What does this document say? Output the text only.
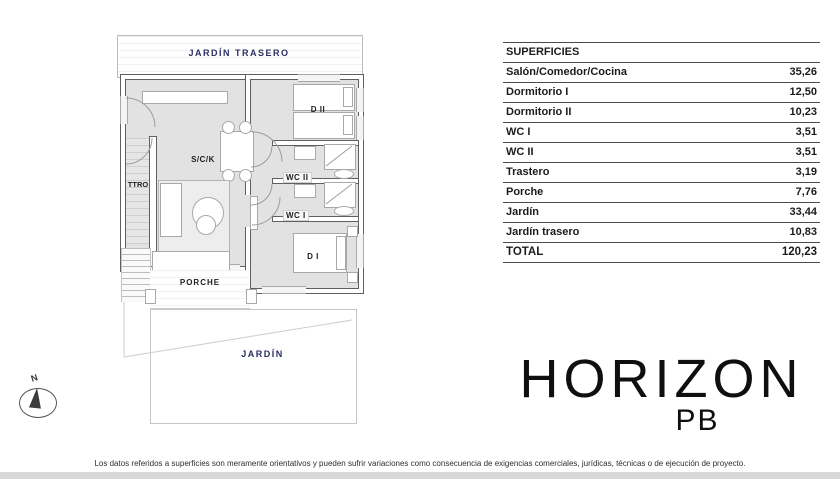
JARDÍN TRASERO
TTRO
D II
WC II
WC I
D I
S/C/K
PORCHE
JARDÍN
N
SUPERFICIES	
Salón/Comedor/Cocina	35,26
Dormitorio I	12,50
Dormitorio II	10,23
WC I	3,51
WC II	3,51
Trastero	3,19
Porche	7,76
Jardín	33,44
Jardín trasero	10,83
TOTAL	120,23
HORIZON
PB
Los datos referidos a superficies son meramente orientativos y pueden sufrir variaciones como consecuencia de exigencias comerciales, jurídicas, técnicas o de ejecución de proyecto.
